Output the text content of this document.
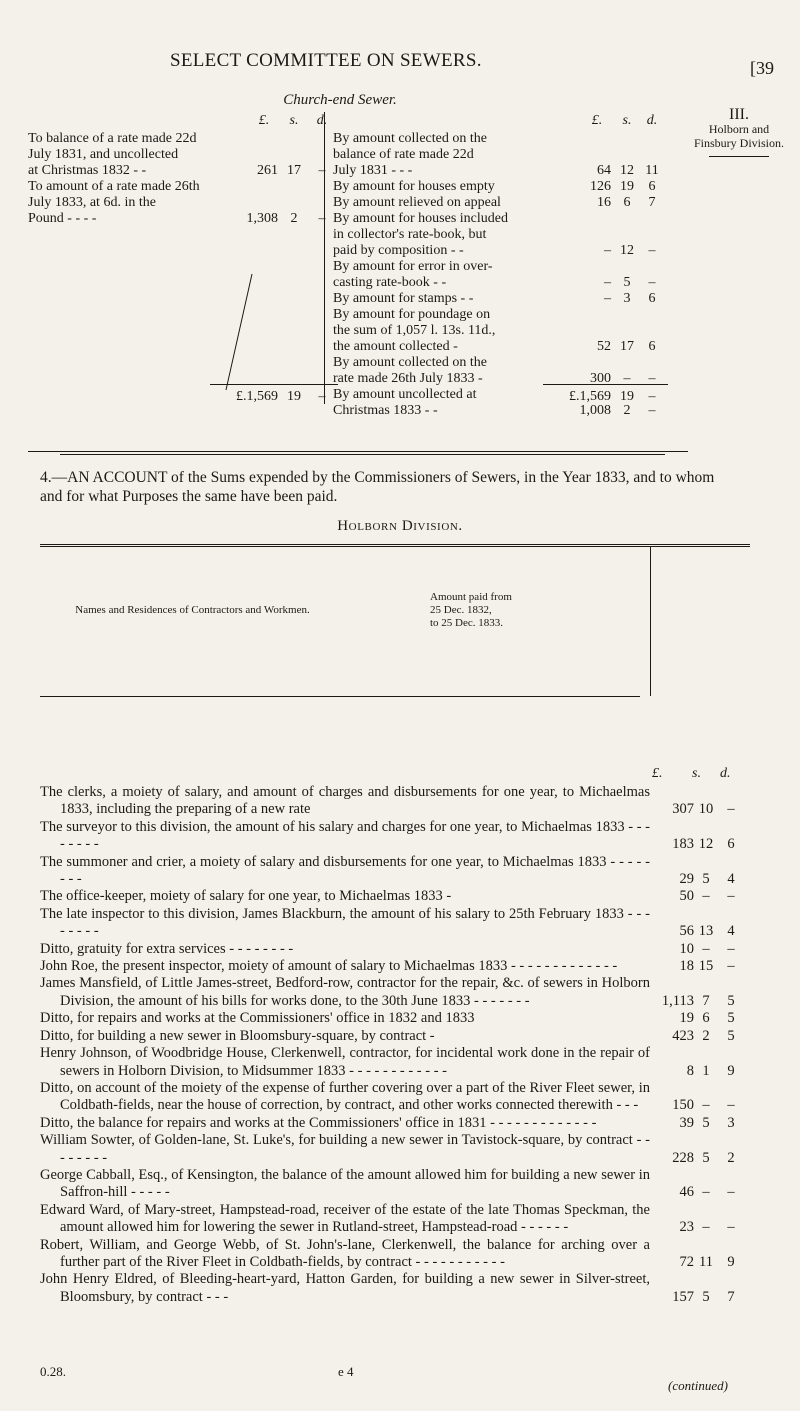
SELECT COMMITTEE ON SEWERS.	[39
III.
Holborn and
Finsbury Division.
Church-end Sewer.
£.	s.	d.
To balance of a rate made 22d
July 1831, and uncollected
at Christmas 1832 - -	261 17	–
To amount of a rate made 26th
July 1833, at 6d. in the
Pound - - - -	1,308 2	–
£.1,569 19	–
£.	s.	d.
By amount collected on the
balance of rate made 22d
July 1831 - - -	64 12 11
By amount for houses empty	126 19	6
By amount relieved on appeal	16 6	7
By amount for houses included
in collector's rate-book, but
paid by composition - -	– 12	–
By amount for error in over-
casting rate-book - -	– 5	–
By amount for stamps - -	– 3	6
By amount for poundage on
the sum of 1,057 l. 13s. 11d.,
the amount collected -	52 17	6
By amount collected on the
rate made 26th July 1833 -	300 –	–
By amount uncollected at
Christmas 1833 - -	1,008 2	–
£.1,569 19	–
4.—AN ACCOUNT of the Sums expended by the Commissioners of Sewers, in the Year 1833, and to whom and for what Purposes the same have been paid.
Holborn Division.
Names and Residences of Contractors and Workmen.
Amount paid from
25 Dec. 1832,
to 25 Dec. 1833.
£. s. d.
The clerks, a moiety of salary, and amount of charges and disbursements for one year, to Michaelmas 1833, including the preparing of a new rate	307 10 –
The surveyor to this division, the amount of his salary and charges for one year, to Michaelmas 1833 - - - - - - - -	183 12 6
The summoner and crier, a moiety of salary and disbursements for one year, to Michaelmas 1833 - - - - - - - -	29 5	4
The office-keeper, moiety of salary for one year, to Michaelmas 1833 -	50 –	–
The late inspector to this division, James Blackburn, the amount of his salary to 25th February 1833 - - - - - - - -	56 13 4
Ditto, gratuity for extra services - - - - - - - -	10 –	–
John Roe, the present inspector, moiety of amount of salary to Michaelmas 1833 - - - - - - - - - - - - -	18 15 –
James Mansfield, of Little James-street, Bedford-row, contractor for the repair, &c. of sewers in Holborn Division, the amount of his bills for works done, to the 30th June 1833 - - - - - - -	1,113 7	5
Ditto, for repairs and works at the Commissioners' office in 1832 and 1833	19 6	5
Ditto, for building a new sewer in Bloomsbury-square, by contract -	423 2	5
Henry Johnson, of Woodbridge House, Clerkenwell, contractor, for incidental work done in the repair of sewers in Holborn Division, to Midsummer 1833 - - - - - - - - - - - -	8 1	9
Ditto, on account of the moiety of the expense of further covering over a part of the River Fleet sewer, in Coldbath-fields, near the house of correction, by contract, and other works connected therewith - - -	150 –	–
Ditto, the balance for repairs and works at the Commissioners' office in 1831 - - - - - - - - - - - - -	39 5	3
William Sowter, of Golden-lane, St. Luke's, for building a new sewer in Tavistock-square, by contract - - - - - - - -	228 5	2
George Cabball, Esq., of Kensington, the balance of the amount allowed him for building a new sewer in Saffron-hill - - - - -	46 –	–
Edward Ward, of Mary-street, Hampstead-road, receiver of the estate of the late Thomas Speckman, the amount allowed him for lowering the sewer in Rutland-street, Hampstead-road - - - - - -	23 –	–
Robert, William, and George Webb, of St. John's-lane, Clerkenwell, the balance for arching over a further part of the River Fleet in Coldbath-fields, by contract - - - - - - - - - - -	72 11 9
John Henry Eldred, of Bleeding-heart-yard, Hatton Garden, for building a new sewer in Silver-street, Bloomsbury, by contract - - -	157 5	7
0.28.	e 4
(continued)
